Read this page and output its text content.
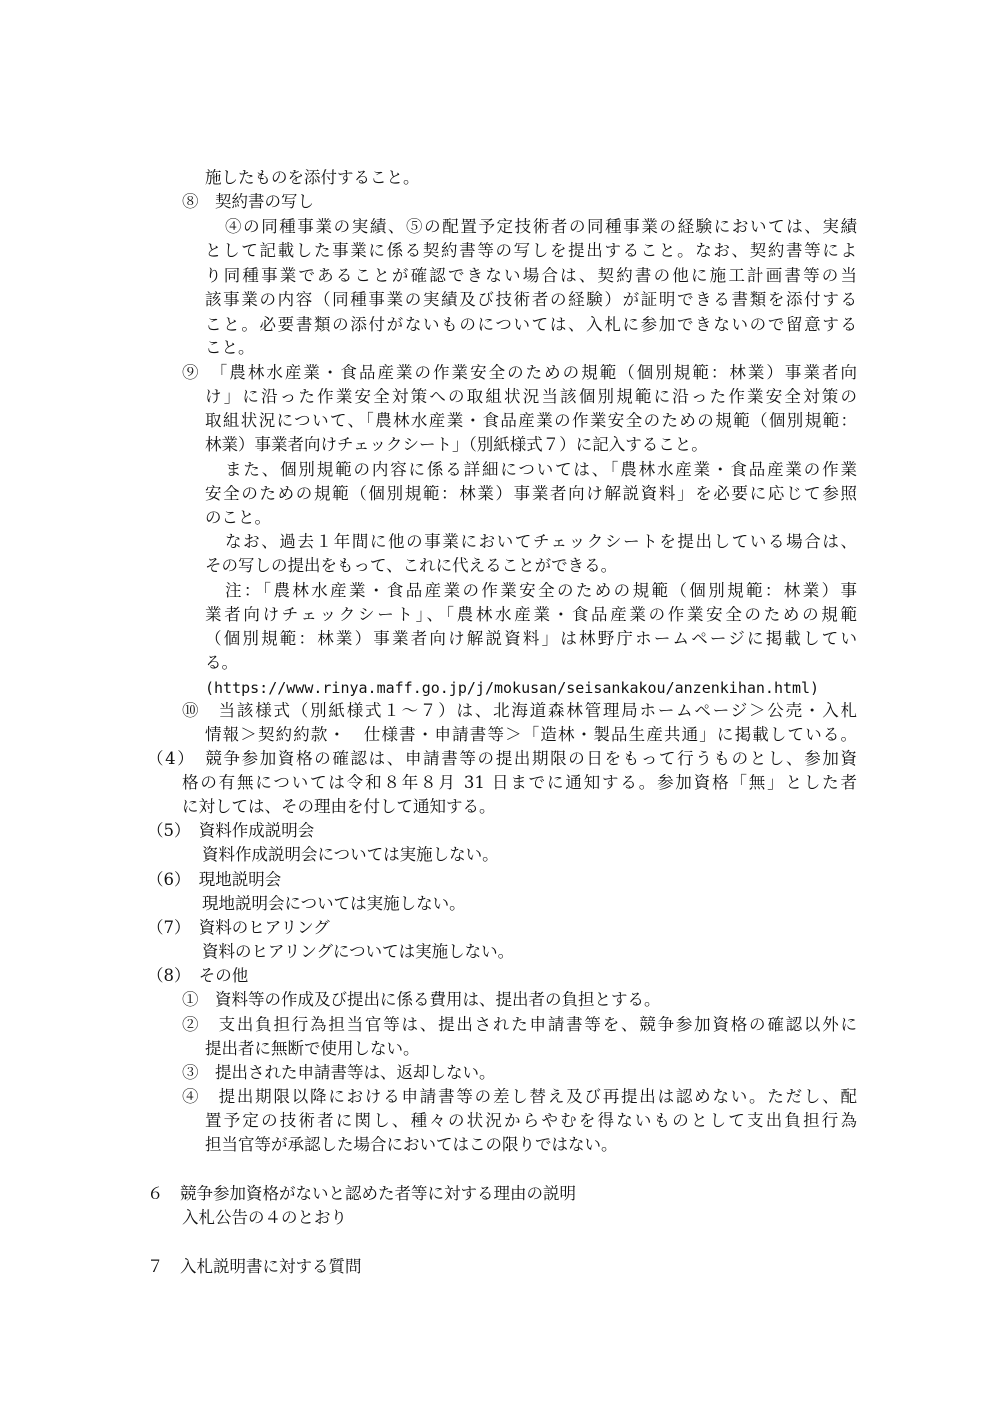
施したものを添付すること。
⑧　契約書の写し
④の同種事業の実績、⑤の配置予定技術者の同種事業の経験においては、実績
として記載した事業に係る契約書等の写しを提出すること。なお、契約書等によ
り同種事業であることが確認できない場合は、契約書の他に施工計画書等の当
該事業の内容（同種事業の実績及び技術者の経験）が証明できる書類を添付する
こと。必要書類の添付がないものについては、入札に参加できないので留意する
こと。
⑨　「農林水産業・食品産業の作業安全のための規範（個別規範：林業）事業者向
け」に沿った作業安全対策への取組状況当該個別規範に沿った作業安全対策の
取組状況について、「農林水産業・食品産業の作業安全のための規範（個別規範：
林業）事業者向けチェックシート」（別紙様式７）に記入すること。
また、個別規範の内容に係る詳細については、「農林水産業・食品産業の作業
安全のための規範（個別規範：林業）事業者向け解説資料」を必要に応じて参照
のこと。
なお、過去１年間に他の事業においてチェックシートを提出している場合は、
その写しの提出をもって、これに代えることができる。
注：「農林水産業・食品産業の作業安全のための規範（個別規範：林業）事
業者向けチェックシート」、「農林水産業・食品産業の作業安全のための規範
（個別規範：林業）事業者向け解説資料」は林野庁ホームページに掲載してい
る。
(https://www.rinya.maff.go.jp/j/mokusan/seisankakou/anzenkihan.html)
⑩　当該様式（別紙様式１～７）は、北海道森林管理局ホームページ＞公売・入札
情報＞契約約款・　仕様書・申請書等＞「造林・製品生産共通」に掲載している。
（4）　競争参加資格の確認は、申請書等の提出期限の日をもって行うものとし、参加資
格の有無については令和８年８月 31 日までに通知する。参加資格「無」とした者
に対しては、その理由を付して通知する。
（5）　資料作成説明会
資料作成説明会については実施しない。
（6）　現地説明会
現地説明会については実施しない。
（7）　資料のヒアリング
資料のヒアリングについては実施しない。
（8）　その他
①　資料等の作成及び提出に係る費用は、提出者の負担とする。
②　支出負担行為担当官等は、提出された申請書等を、競争参加資格の確認以外に
提出者に無断で使用しない。
③　提出された申請書等は、返却しない。
④　提出期限以降における申請書等の差し替え及び再提出は認めない。ただし、配
置予定の技術者に関し、種々の状況からやむを得ないものとして支出負担行為
担当官等が承認した場合においてはこの限りではない。
６　競争参加資格がないと認めた者等に対する理由の説明
入札公告の４のとおり
７　入札説明書に対する質問
